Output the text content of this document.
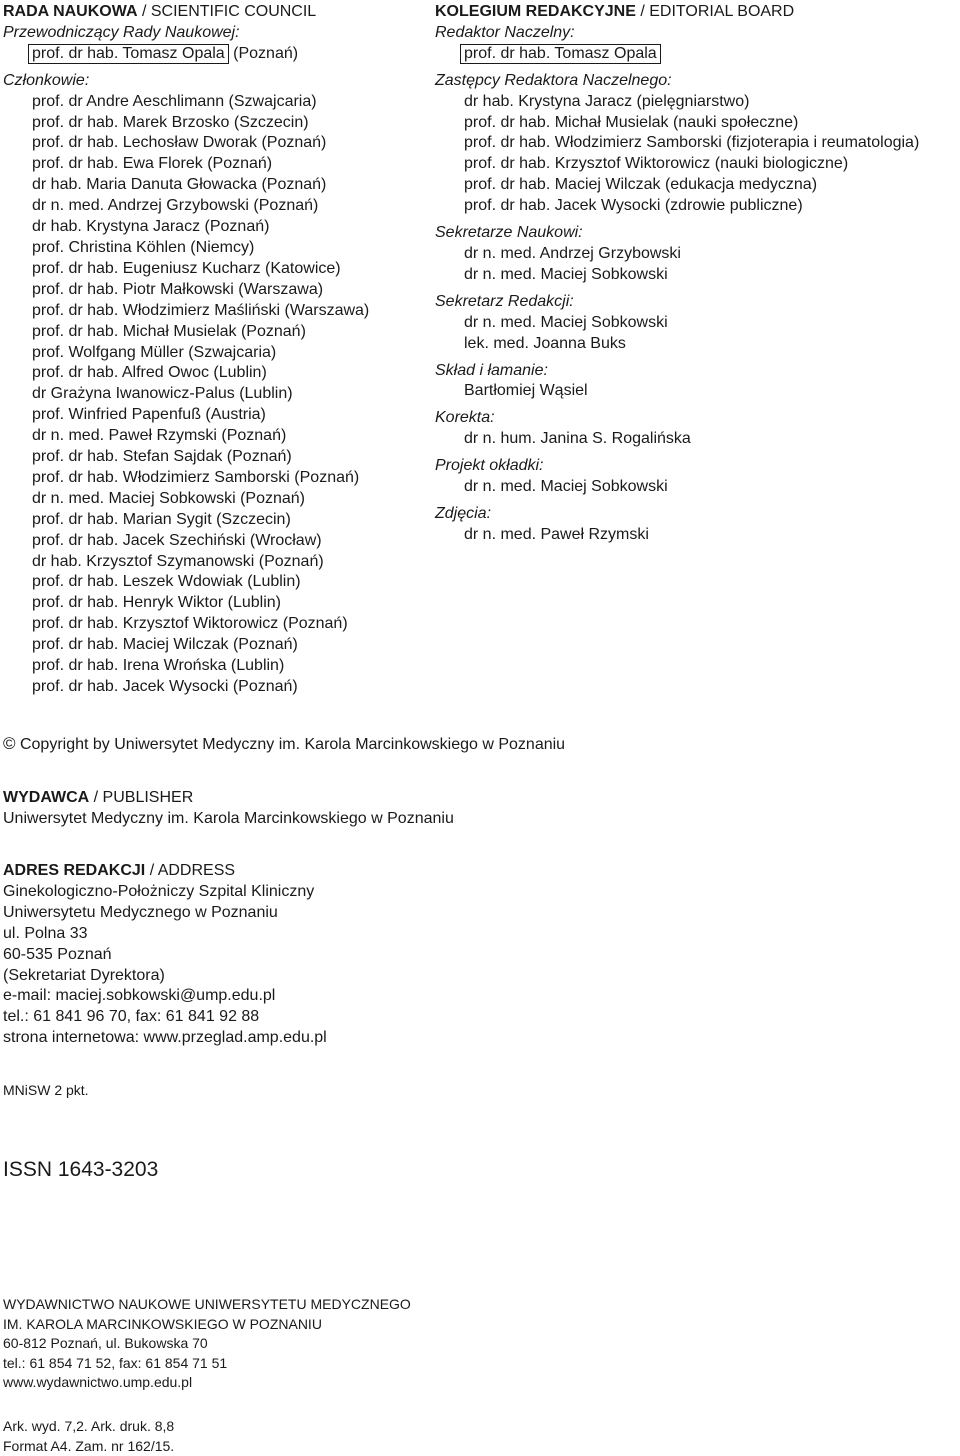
RADA NAUKOWA / SCIENTIFIC COUNCIL
Przewodniczący Rady Naukowej:
prof. dr hab. Tomasz Opala (Poznań)
Członkowie:
prof. dr Andre Aeschlimann (Szwajcaria)
prof. dr hab. Marek Brzosko (Szczecin)
prof. dr hab. Lechosław Dworak (Poznań)
prof. dr hab. Ewa Florek (Poznań)
dr hab. Maria Danuta Głowacka (Poznań)
dr n. med. Andrzej Grzybowski (Poznań)
dr hab. Krystyna Jaracz (Poznań)
prof. Christina Köhlen (Niemcy)
prof. dr hab. Eugeniusz Kucharz (Katowice)
prof. dr hab. Piotr Małkowski (Warszawa)
prof. dr hab. Włodzimierz Maśliński (Warszawa)
prof. dr hab. Michał Musielak (Poznań)
prof. Wolfgang Müller (Szwajcaria)
prof. dr hab. Alfred Owoc (Lublin)
dr Grażyna Iwanowicz-Palus (Lublin)
prof. Winfried Papenfuß (Austria)
dr n. med. Paweł Rzymski (Poznań)
prof. dr hab. Stefan Sajdak (Poznań)
prof. dr hab. Włodzimierz Samborski (Poznań)
dr n. med. Maciej Sobkowski (Poznań)
prof. dr hab. Marian Sygit (Szczecin)
prof. dr hab. Jacek Szechiński (Wrocław)
dr hab. Krzysztof Szymanowski (Poznań)
prof. dr hab. Leszek Wdowiak (Lublin)
prof. dr hab. Henryk Wiktor (Lublin)
prof. dr hab. Krzysztof Wiktorowicz (Poznań)
prof. dr hab. Maciej Wilczak (Poznań)
prof. dr hab. Irena Wrońska (Lublin)
prof. dr hab. Jacek Wysocki (Poznań)
KOLEGIUM REDAKCYJNE / EDITORIAL BOARD
Redaktor Naczelny:
prof. dr hab. Tomasz Opala
Zastępcy Redaktora Naczelnego:
dr hab. Krystyna Jaracz (pielęgniarstwo)
prof. dr hab. Michał Musielak (nauki społeczne)
prof. dr hab. Włodzimierz Samborski (fizjoterapia i reumatologia)
prof. dr hab. Krzysztof Wiktorowicz (nauki biologiczne)
prof. dr hab. Maciej Wilczak (edukacja medyczna)
prof. dr hab. Jacek Wysocki (zdrowie publiczne)
Sekretarze Naukowi:
dr n. med. Andrzej Grzybowski
dr n. med. Maciej Sobkowski
Sekretarz Redakcji:
dr n. med. Maciej Sobkowski
lek. med. Joanna Buks
Skład i łamanie:
Bartłomiej Wąsiel
Korekta:
dr n. hum. Janina S. Rogalińska
Projekt okładki:
dr n. med. Maciej Sobkowski
Zdjęcia:
dr n. med. Paweł Rzymski
© Copyright by Uniwersytet Medyczny im. Karola Marcinkowskiego w Poznaniu
WYDAWCA / PUBLISHER
Uniwersytet Medyczny im. Karola Marcinkowskiego w Poznaniu
ADRES REDAKCJI / ADDRESS
Ginekologiczno-Położniczy Szpital Kliniczny
Uniwersytetu Medycznego w Poznaniu
ul. Polna 33
60-535 Poznań
(Sekretariat Dyrektora)
e-mail: maciej.sobkowski@ump.edu.pl
tel.: 61 841 96 70, fax: 61 841 92 88
strona internetowa: www.przeglad.amp.edu.pl
MNiSW 2 pkt.
ISSN 1643-3203
WYDAWNICTWO NAUKOWE UNIWERSYTETU MEDYCZNEGO
IM. KAROLA MARCINKOWSKIEGO W POZNANIU
60-812 Poznań, ul. Bukowska 70
tel.: 61 854 71 52, fax: 61 854 71 51
www.wydawnictwo.ump.edu.pl
Ark. wyd. 7,2. Ark. druk. 8,8
Format A4. Zam. nr 162/15.
